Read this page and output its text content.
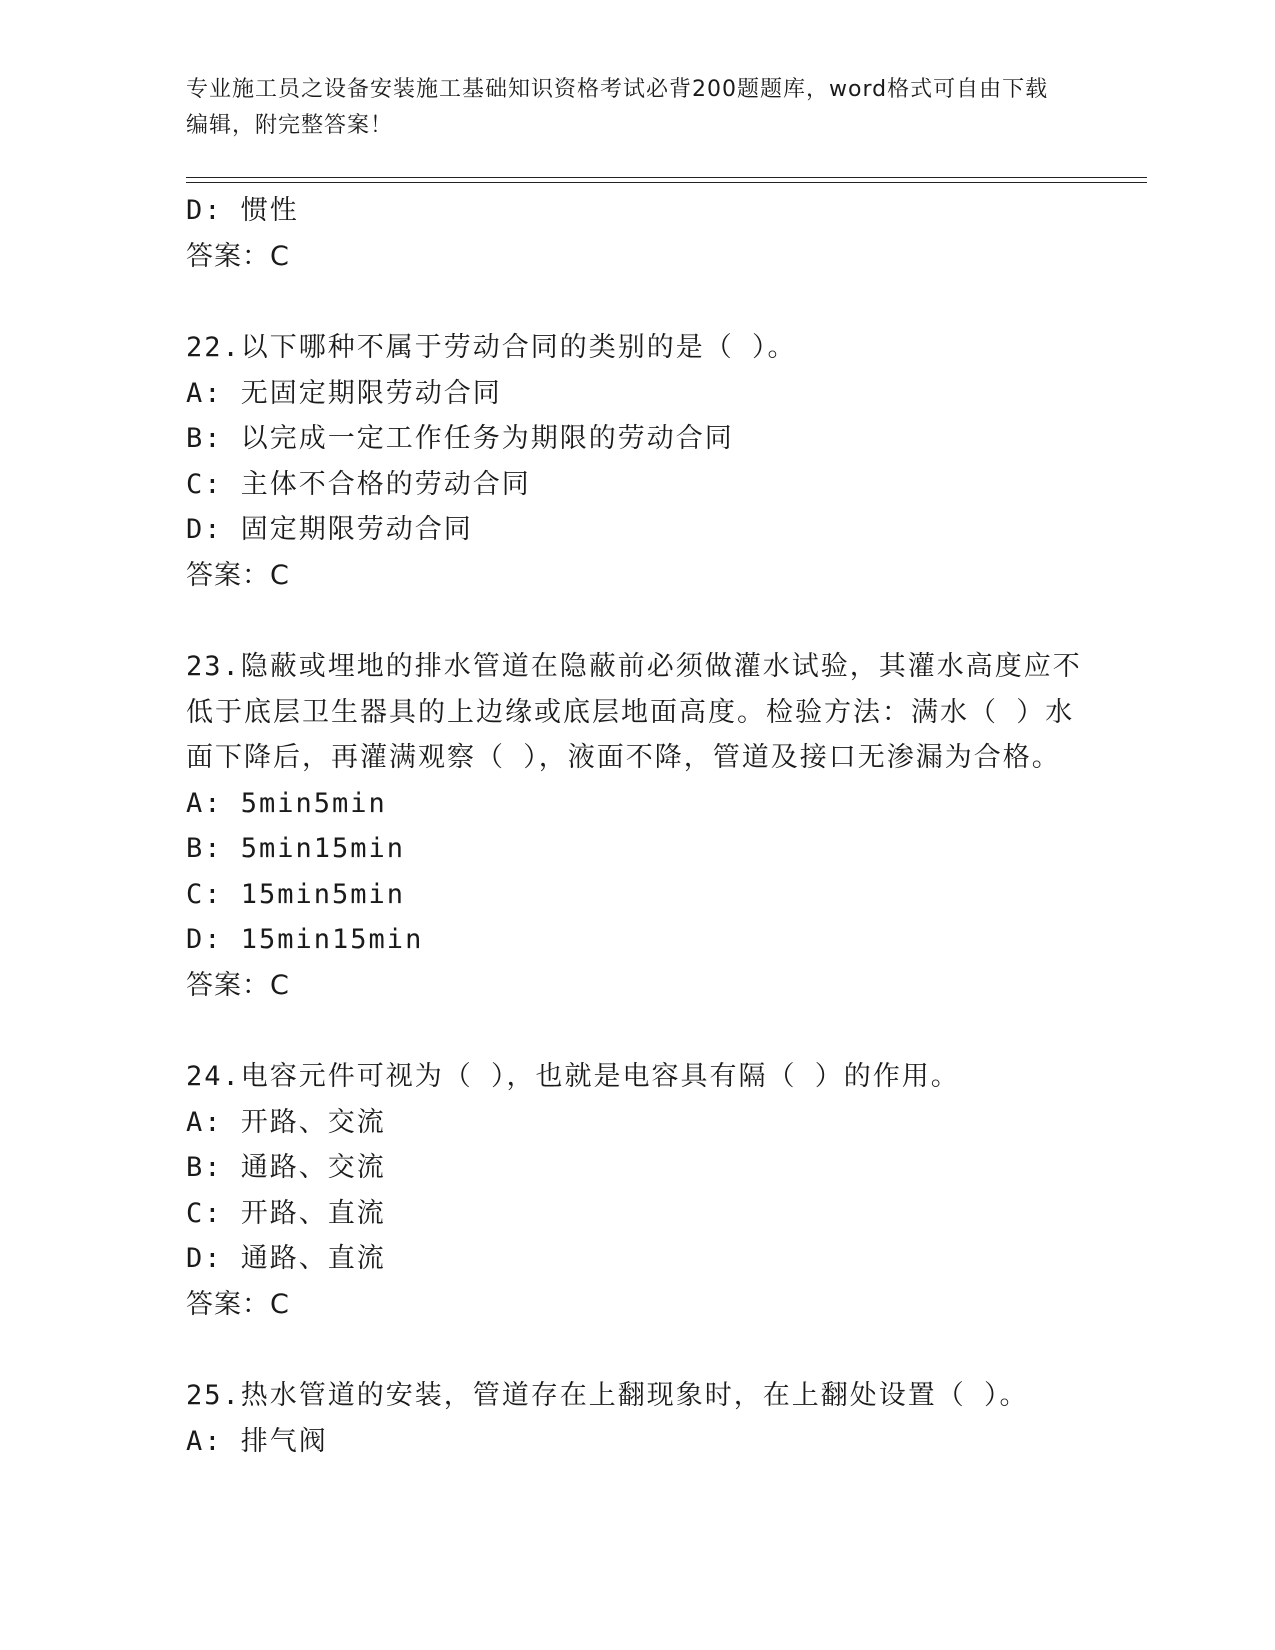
专业施工员之设备安装施工基础知识资格考试必背200题题库，word格式可自由下载编辑，附完整答案！
D: 惯性
答案：C
22.以下哪种不属于劳动合同的类别的是（ ）。
A: 无固定期限劳动合同
B: 以完成一定工作任务为期限的劳动合同
C: 主体不合格的劳动合同
D: 固定期限劳动合同
答案：C
23.隐蔽或埋地的排水管道在隐蔽前必须做灌水试验，其灌水高度应不
低于底层卫生器具的上边缘或底层地面高度。检验方法：满水（ ）水
面下降后，再灌满观察（ ），液面不降，管道及接口无渗漏为合格。
A: 5min5min
B: 5min15min
C: 15min5min
D: 15min15min
答案：C
24.电容元件可视为（ ），也就是电容具有隔（ ）的作用。
A: 开路、交流
B: 通路、交流
C: 开路、直流
D: 通路、直流
答案：C
25.热水管道的安装，管道存在上翻现象时，在上翻处设置（ ）。
A: 排气阀
